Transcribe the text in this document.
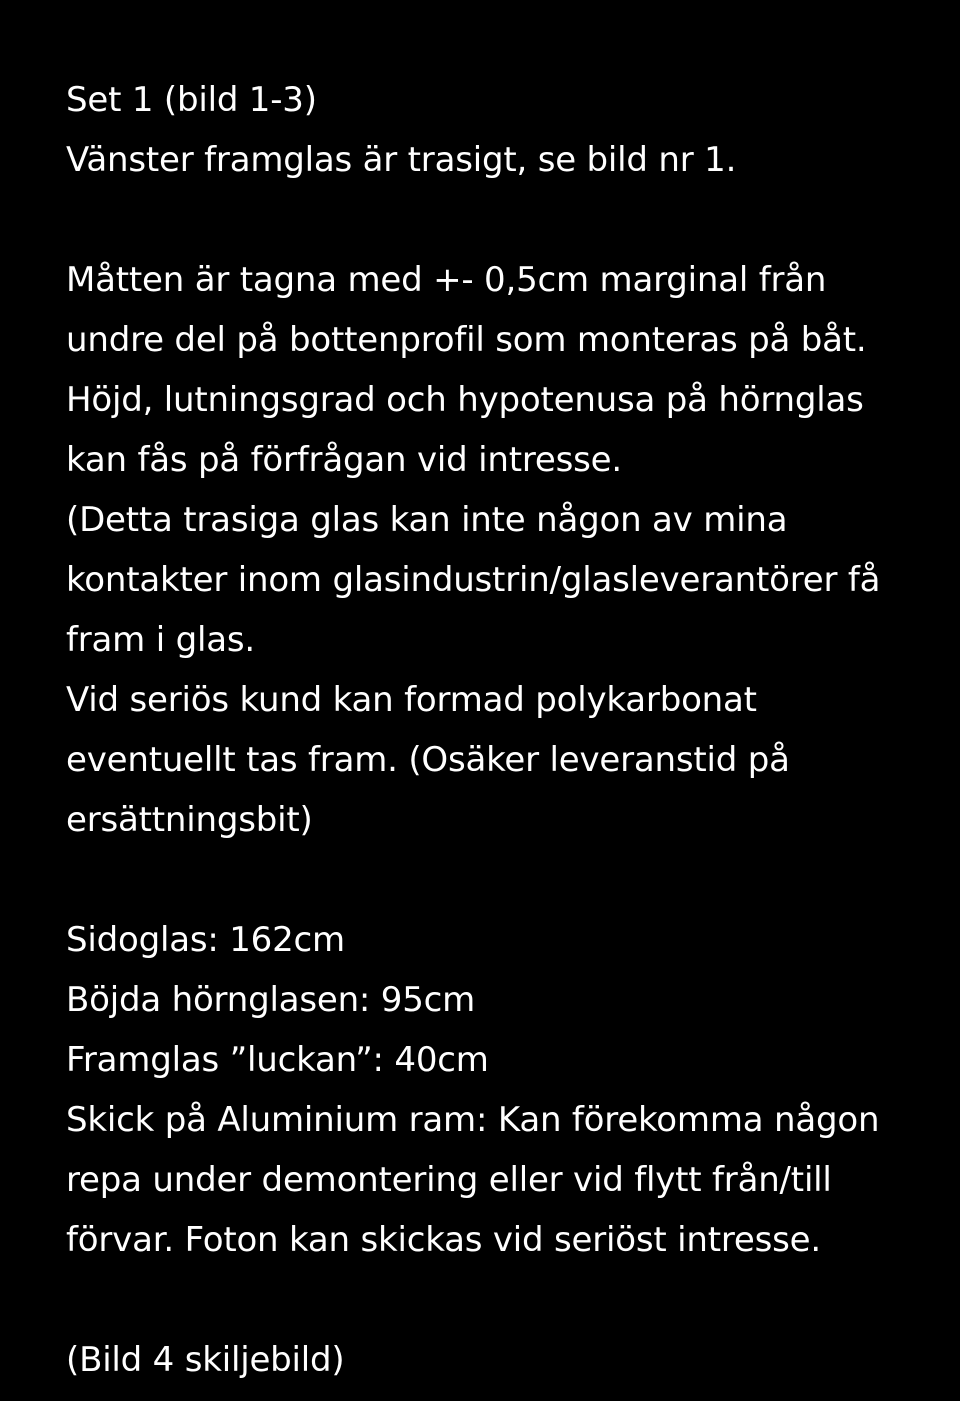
Set 1 (bild 1-3)
Vänster framglas är trasigt, se bild nr 1.
Måtten är tagna med +- 0,5cm marginal från
undre del på bottenprofil som monteras på båt.
Höjd, lutningsgrad och hypotenusa på hörnglas
kan fås på förfrågan vid intresse.
(Detta trasiga glas kan inte någon av mina
kontakter inom glasindustrin/glasleverantörer få
fram i glas.
Vid seriös kund kan formad polykarbonat
eventuellt tas fram. (Osäker leveranstid på
ersättningsbit)
Sidoglas: 162cm
Böjda hörnglasen: 95cm
Framglas ”luckan”: 40cm
Skick på Aluminium ram: Kan förekomma någon
repa under demontering eller vid flytt från/till
förvar. Foton kan skickas vid seriöst intresse.
(Bild 4 skiljebild)
